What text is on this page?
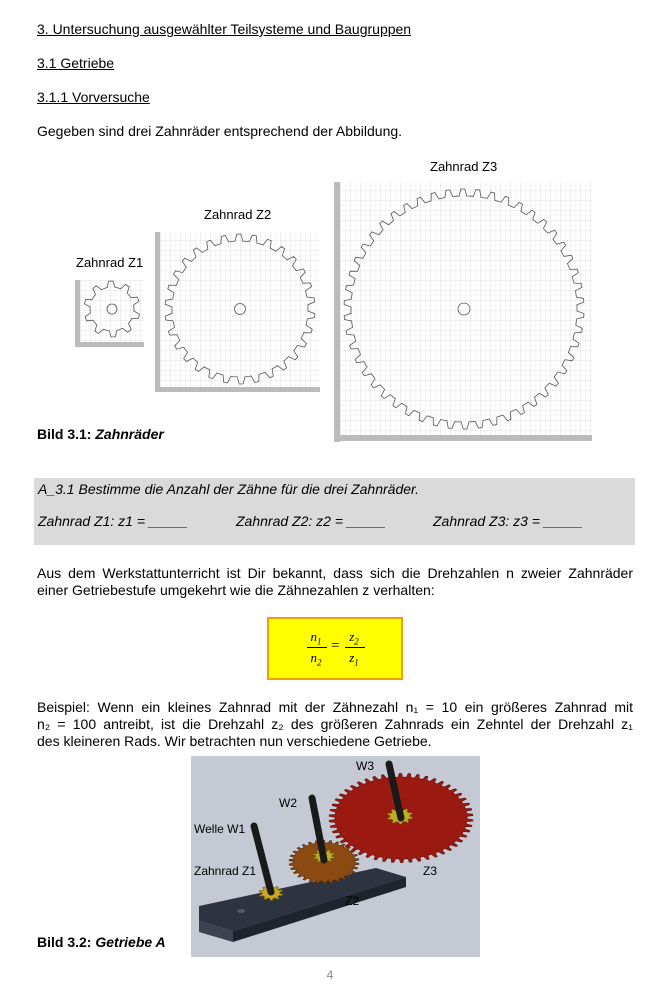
3. Untersuchung ausgewählter Teilsysteme und Baugruppen
3.1 Getriebe
3.1.1 Vorversuche
Gegeben sind drei Zahnräder entsprechend der Abbildung.
Zahnrad Z1
Zahnrad Z2
Zahnrad Z3
Bild 3.1: Zahnräder
A_3.1 Bestimme die Anzahl der Zähne für die drei Zahnräder.
Zahnrad Z1: z1 = _____	Zahnrad Z2: z2 = _____	Zahnrad Z3: z3 = _____
Aus dem Werkstattunterricht ist Dir bekannt, dass sich die Drehzahlen n zweier Zahnräder
einer Getriebestufe umgekehrt wie die Zähnezahlen z verhalten:
$n_1$
$n_2$
=
$z_2$
$z_1$
Beispiel: Wenn ein kleines Zahnrad mit der Zähnezahl n₁ = 10 ein größeres Zahnrad mit
n₂ = 100 antreibt, ist die Drehzahl z₂ des größeren Zahnrads ein Zehntel der Drehzahl z₁
des kleineren Rads. Wir betrachten nun verschiedene Getriebe.
W3
W2
Welle W1
Zahnrad Z1	Z3
Z2
Bild 3.2: Getriebe A
4
